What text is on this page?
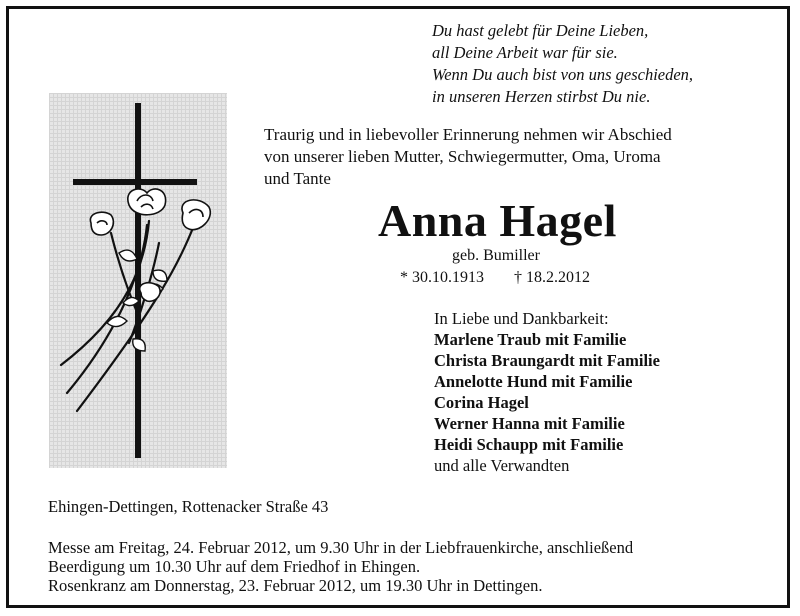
Du hast gelebt für Deine Lieben,
all Deine Arbeit war für sie.
Wenn Du auch bist von uns geschieden,
in unseren Herzen stirbst Du nie.
Traurig und in liebevoller Erinnerung nehmen wir Abschied
von unserer lieben Mutter, Schwiegermutter, Oma, Uroma
und Tante
Anna Hagel
geb. Bumiller
* 30.10.1913 † 18.2.2012
In Liebe und Dankbarkeit:
Marlene Traub mit Familie
Christa Braungardt mit Familie
Annelotte Hund mit Familie
Corina Hagel
Werner Hanna mit Familie
Heidi Schaupp mit Familie
und alle Verwandten
Ehingen-Dettingen, Rottenacker Straße 43
Messe am Freitag, 24. Februar 2012, um 9.30 Uhr in der Liebfrauenkirche, anschließend
Beerdigung um 10.30 Uhr auf dem Friedhof in Ehingen.
Rosenkranz am Donnerstag, 23. Februar 2012, um 19.30 Uhr in Dettingen.
